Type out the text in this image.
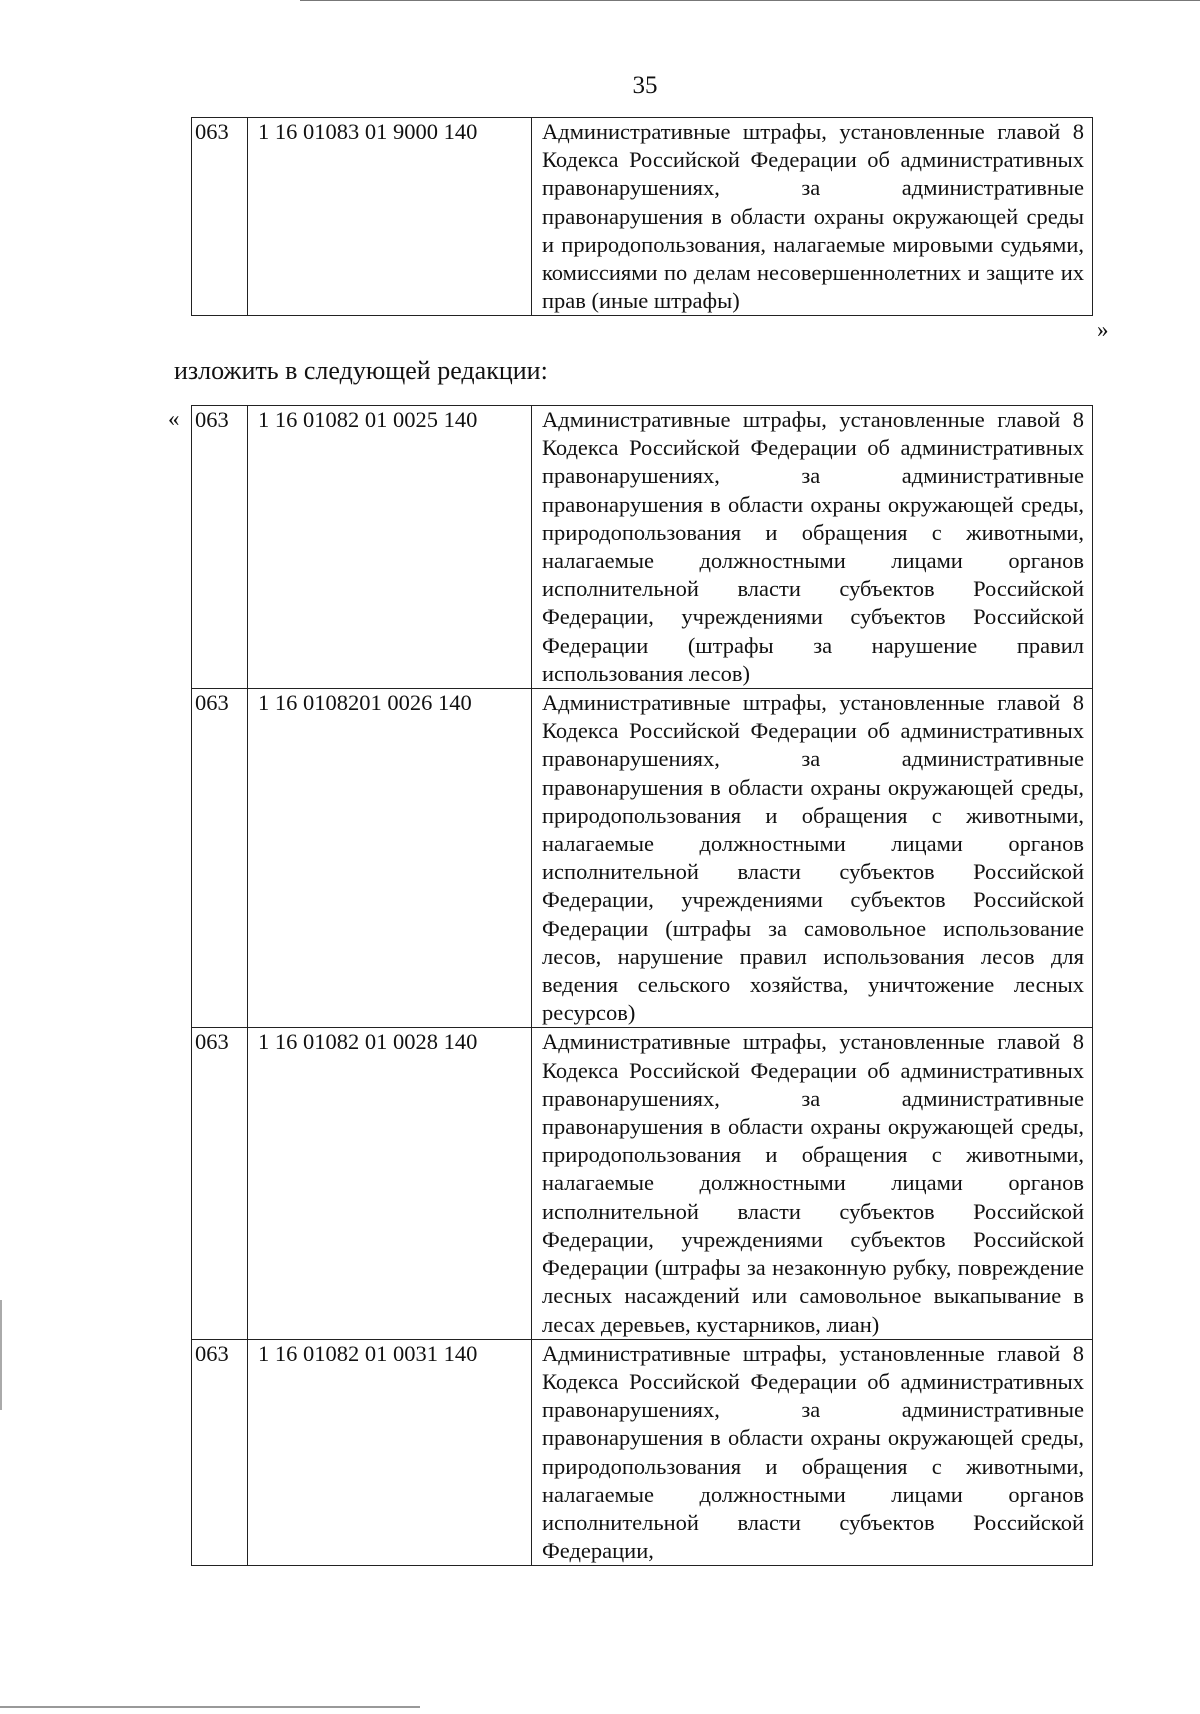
35
063	1 16 01083 01 9000 140	Административные штрафы, установленные главой 8 Кодекса Российской Федерации об административных правонарушениях, за административные правонарушения в области охраны окружающей среды и природопользования, налагаемые мировыми судьями, комиссиями по делам несовершеннолетних и защите их прав (иные штрафы)
»
изложить в следующей редакции:
« 063	1 16 01082 01 0025 140	Административные штрафы, установленные главой 8 Кодекса Российской Федерации об административных правонарушениях, за административные правонарушения в области охраны окружающей среды, природопользования и обращения с животными, налагаемые должностными лицами органов исполнительной власти субъектов Российской Федерации, учреждениями субъектов Российской Федерации (штрафы за нарушение правил использования лесов)

063	1 16 0108201 0026 140	Административные штрафы, установленные главой 8 Кодекса Российской Федерации об административных правонарушениях, за административные правонарушения в области охраны окружающей среды, природопользования и обращения с животными, налагаемые должностными лицами органов исполнительной власти субъектов Российской Федерации, учреждениями субъектов Российской Федерации (штрафы за самовольное использование лесов, нарушение правил использования лесов для ведения сельского хозяйства, уничтожение лесных ресурсов)

063	1 16 01082 01 0028 140	Административные штрафы, установленные главой 8 Кодекса Российской Федерации об административных правонарушениях, за административные правонарушения в области охраны окружающей среды, природопользования и обращения с животными, налагаемые должностными лицами органов исполнительной власти субъектов Российской Федерации, учреждениями субъектов Российской Федерации (штрафы за незаконную рубку, повреждение лесных насаждений или самовольное выкапывание в лесах деревьев, кустарников, лиан)

063	1 16 01082 01 0031 140	Административные штрафы, установленные главой 8 Кодекса Российской Федерации об административных правонарушениях, за административные правонарушения в области охраны окружающей среды, природопользования и обращения с животными, налагаемые должностными лицами органов исполнительной власти субъектов Российской Федерации,
